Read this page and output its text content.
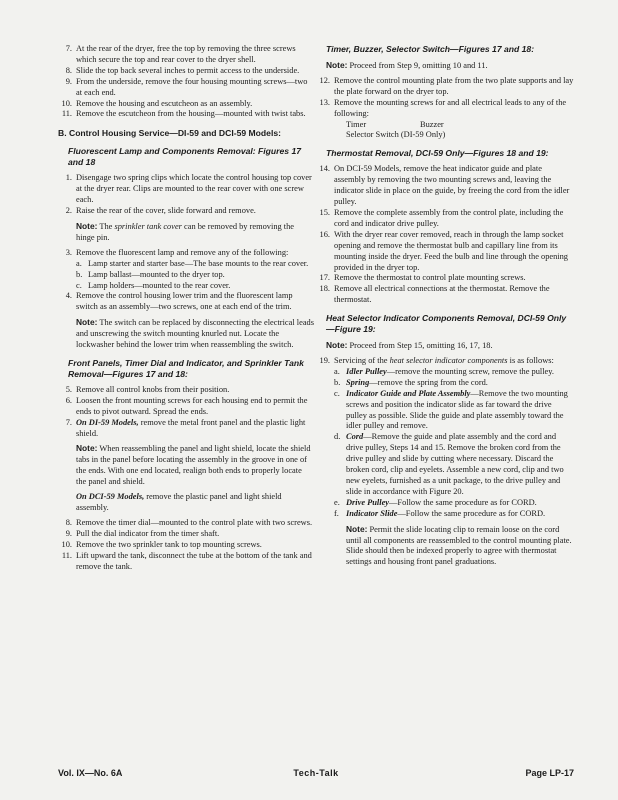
7. At the rear of the dryer, free the top by removing the three screws which secure the top and rear cover to the dryer shell.
8. Slide the top back several inches to permit access to the underside.
9. From the underside, remove the four housing mounting screws—two at each end.
10. Remove the housing and escutcheon as an assembly.
11. Remove the escutcheon from the housing—mounted with twist tabs.
B. Control Housing Service—DI-59 and DCI-59 Models:
Fluorescent Lamp and Components Removal: Figures 17 and 18
1. Disengage two spring clips which locate the control housing top cover at the dryer rear. Clips are mounted to the rear cover with one screw each.
2. Raise the rear of the cover, slide forward and remove.
Note: The sprinkler tank cover can be removed by removing the hinge pin.
3. Remove the fluorescent lamp and remove any of the following:
a. Lamp starter and starter base—The base mounts to the rear cover.
b. Lamp ballast—mounted to the dryer top.
c. Lamp holders—mounted to the rear cover.
4. Remove the control housing lower trim and the fluorescent lamp switch as an assembly—two screws, one at each end of the trim.
Note: The switch can be replaced by disconnecting the electrical leads and unscrewing the switch mounting knurled nut. Locate the lockwasher behind the lower trim when reassembling the switch.
Front Panels, Timer Dial and Indicator, and Sprinkler Tank Removal—Figures 17 and 18:
5. Remove all control knobs from their position.
6. Loosen the front mounting screws for each housing end to permit the ends to pivot outward. Spread the ends.
7. On DI-59 Models, remove the metal front panel and the plastic light shield.
Note: When reassembling the panel and light shield, locate the shield tabs in the panel before locating the assembly in the groove in one of the ends. With one end located, realign both ends to properly locate the panel and shield.
On DCI-59 Models, remove the plastic panel and light shield assembly.
8. Remove the timer dial—mounted to the control plate with two screws.
9. Pull the dial indicator from the timer shaft.
10. Remove the two sprinkler tank to top mounting screws.
11. Lift upward the tank, disconnect the tube at the bottom of the tank and remove the tank.
Timer, Buzzer, Selector Switch—Figures 17 and 18:
Note: Proceed from Step 9, omitting 10 and 11.
12. Remove the control mounting plate from the two plate supports and lay the plate forward on the dryer top.
13. Remove the mounting screws for and all electrical leads to any of the following:
Timer	Buzzer
Selector Switch (DI-59 Only)
Thermostat Removal, DCI-59 Only—Figures 18 and 19:
14. On DCI-59 Models, remove the heat indicator guide and plate assembly by removing the two mounting screws and, leaving the indicator slide in place on the guide, by freeing the cord from the idler pulley.
15. Remove the complete assembly from the control plate, including the cord and indicator drive pulley.
16. With the dryer rear cover removed, reach in through the lamp socket opening and remove the thermostat bulb and capillary line from its mounting inside the dryer. Feed the bulb and line through the opening provided in the dryer top.
17. Remove the thermostat to control plate mounting screws.
18. Remove all electrical connections at the thermostat. Remove the thermostat.
Heat Selector Indicator Components Removal, DCI-59 Only—Figure 19:
Note: Proceed from Step 15, omitting 16, 17, 18.
19. Servicing of the heat selector indicator components is as follows:
a. Idler Pulley—remove the mounting screw, remove the pulley.
b. Spring—remove the spring from the cord.
c. Indicator Guide and Plate Assembly—Remove the two mounting screws and position the indicator slide as far toward the drive pulley as possible. Slide the guide and plate assembly toward the idler pulley and remove.
d. Cord—Remove the guide and plate assembly and the cord and drive pulley, Steps 14 and 15. Remove the broken cord from the drive pulley and slide by cutting where necessary. Discard the broken cord, clip and eyelets. Assemble a new cord, clip and two new eyelets, furnished as a unit package, to the drive pulley and slide in accordance with Figure 20.
e. Drive Pulley—Follow the same procedure as for CORD.
f. Indicator Slide—Follow the same procedure as for CORD.
Note: Permit the slide locating clip to remain loose on the cord until all components are reassembled to the control mounting plate. Slide should then be indexed properly to agree with thermostat settings and housing front panel graduations.
Vol. IX—No. 6A	Tech-Talk	Page LP-17
